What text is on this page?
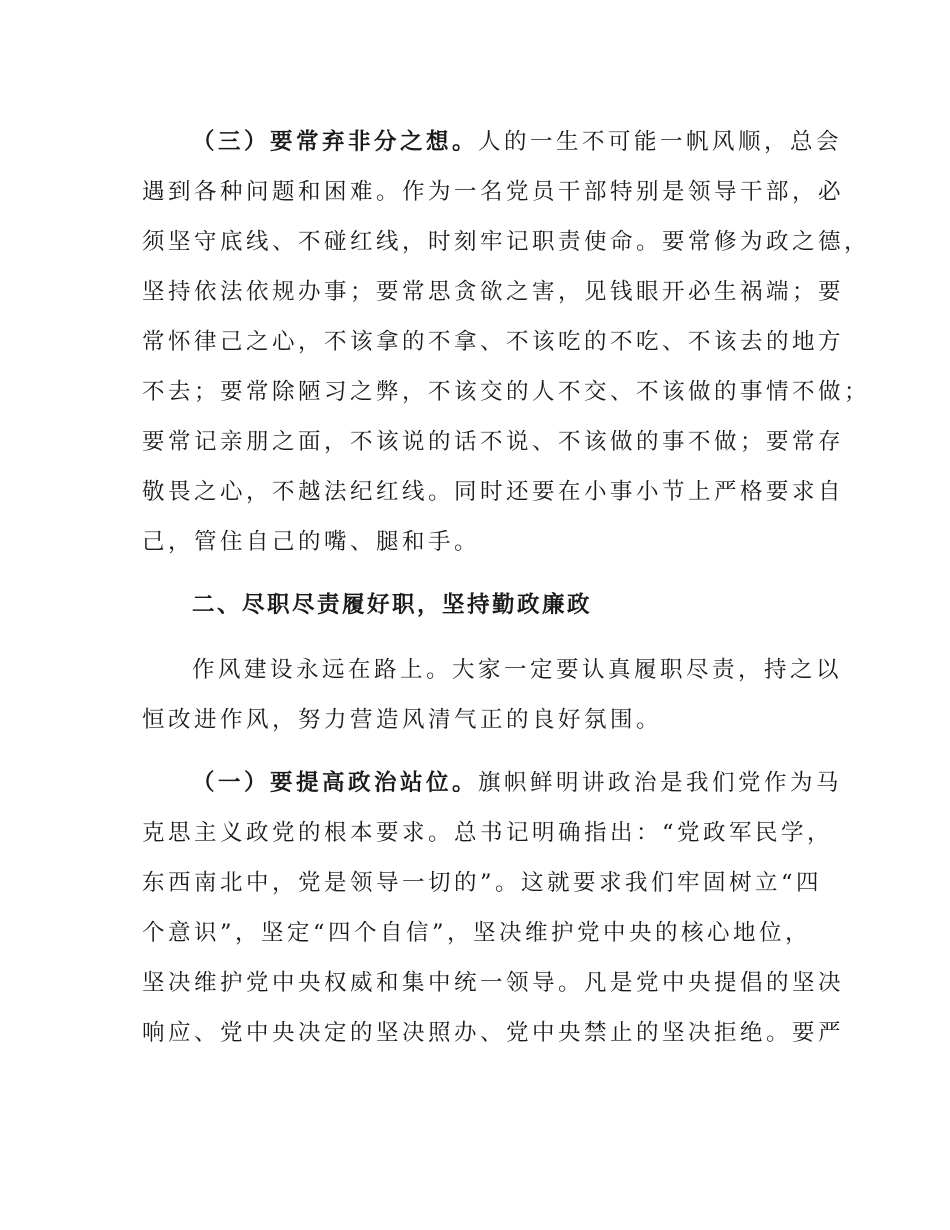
（三）要常弃非分之想。人的一生不可能一帆风顺，总会
遇到各种问题和困难。作为一名党员干部特别是领导干部，必
须坚守底线、不碰红线，时刻牢记职责使命。要常修为政之德，
坚持依法依规办事；要常思贪欲之害，见钱眼开必生祸端；要
常怀律己之心，不该拿的不拿、不该吃的不吃、不该去的地方
不去；要常除陋习之弊，不该交的人不交、不该做的事情不做；
要常记亲朋之面，不该说的话不说、不该做的事不做；要常存
敬畏之心，不越法纪红线。同时还要在小事小节上严格要求自
己，管住自己的嘴、腿和手。
二、尽职尽责履好职，坚持勤政廉政
作风建设永远在路上。大家一定要认真履职尽责，持之以
恒改进作风，努力营造风清气正的良好氛围。
（一）要提高政治站位。旗帜鲜明讲政治是我们党作为马
克思主义政党的根本要求。总书记明确指出：“党政军民学，
东西南北中，党是领导一切的”。这就要求我们牢固树立“四
个意识”，坚定“四个自信”，坚决维护党中央的核心地位，
坚决维护党中央权威和集中统一领导。凡是党中央提倡的坚决
响应、党中央决定的坚决照办、党中央禁止的坚决拒绝。要严
